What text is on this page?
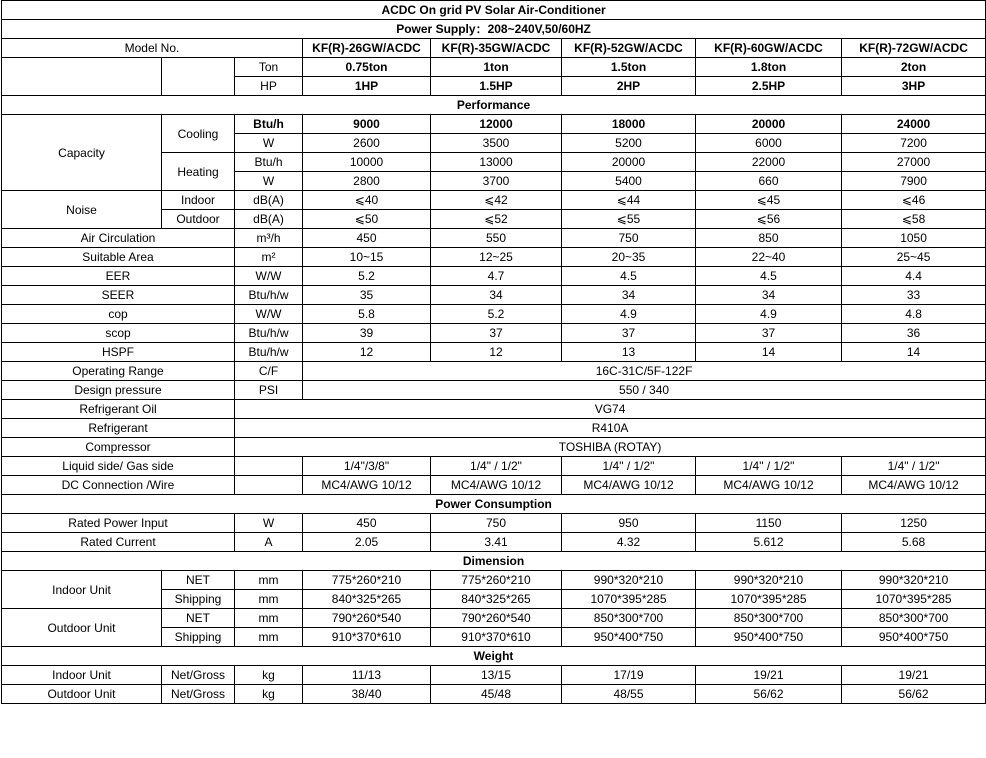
ACDC On grid PV Solar Air-Conditioner							
Power Supply：208~240V,50/60HZ							
Model No.			KF(R)-26GW/ACDC	KF(R)-35GW/ACDC	KF(R)-52GW/ACDC	KF(R)-60GW/ACDC	KF(R)-72GW/ACDC
		Ton	0.75ton	1ton	1.5ton	1.8ton	2ton
		HP	1HP	1.5HP	2HP	2.5HP	3HP
Performance							
Capacity	Cooling	Btu/h	9000	12000	18000	20000	24000
		W	2600	3500	5200	6000	7200
	Heating	Btu/h	10000	13000	20000	22000	27000
		W	2800	3700	5400	660	7900
Noise	Indoor	dB(A)	⩽40	⩽42	⩽44	⩽45	⩽46
	Outdoor	dB(A)	⩽50	⩽52	⩽55	⩽56	⩽58
Air Circulation		m³/h	450	550	750	850	1050
Suitable Area		m²	10~15	12~25	20~35	22~40	25~45
EER		W/W	5.2	4.7	4.5	4.5	4.4
SEER		Btu/h/w	35	34	34	34	33
cop		W/W	5.8	5.2	4.9	4.9	4.8
scop		Btu/h/w	39	37	37	37	36
HSPF		Btu/h/w	12	12	13	14	14
Operating Range		C/F	16C-31C/5F-122F				
Design pressure		PSI	550 / 340				
Refrigerant Oil		VG74					
Refrigerant		R410A					
Compressor		TOSHIBA (ROTAY)					
Liquid side/ Gas side			1/4"/3/8"	1/4" / 1/2"	1/4" / 1/2"	1/4" / 1/2"	1/4" / 1/2"
DC Connection /Wire			MC4/AWG 10/12	MC4/AWG 10/12	MC4/AWG 10/12	MC4/AWG 10/12	MC4/AWG 10/12
Power Consumption							
Rated Power Input		W	450	750	950	1150	1250
Rated Current		A	2.05	3.41	4.32	5.612	5.68
Dimension							
Indoor Unit	NET	mm	775*260*210	775*260*210	990*320*210	990*320*210	990*320*210
	Shipping	mm	840*325*265	840*325*265	1070*395*285	1070*395*285	1070*395*285
Outdoor Unit	NET	mm	790*260*540	790*260*540	850*300*700	850*300*700	850*300*700
	Shipping	mm	910*370*610	910*370*610	950*400*750	950*400*750	950*400*750
Weight							
Indoor Unit	Net/Gross	kg	11/13	13/15	17/19	19/21	19/21
Outdoor Unit	Net/Gross	kg	38/40	45/48	48/55	56/62	56/62
